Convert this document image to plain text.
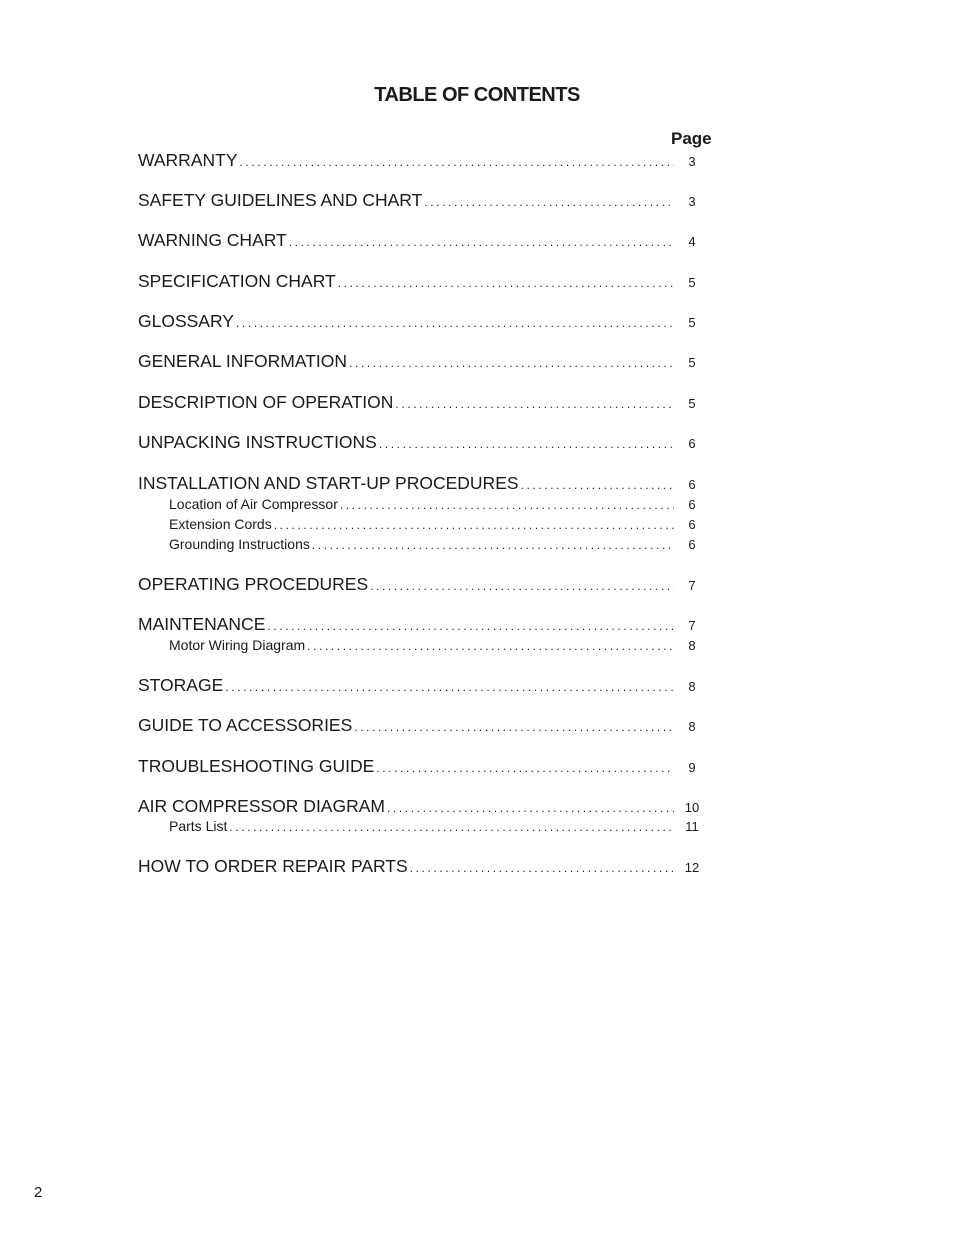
TABLE OF CONTENTS
Page
WARRANTY .....	3
SAFETY GUIDELINES AND CHART .....	3
WARNING CHART .....	4
SPECIFICATION CHART .....	5
GLOSSARY .....	5
GENERAL INFORMATION .....	5
DESCRIPTION OF OPERATION .....	5
UNPACKING INSTRUCTIONS .....	6
INSTALLATION AND START-UP PROCEDURES .....	6
Location of Air Compressor .....	6
Extension Cords .....	6
Grounding Instructions .....	6
OPERATING PROCEDURES .....	7
MAINTENANCE .....	7
Motor Wiring Diagram .....	8
STORAGE .....	8
GUIDE TO ACCESSORIES .....	8
TROUBLESHOOTING GUIDE .....	9
AIR COMPRESSOR DIAGRAM .....	10
Parts List .....	11
HOW TO ORDER REPAIR PARTS .....	12
2
